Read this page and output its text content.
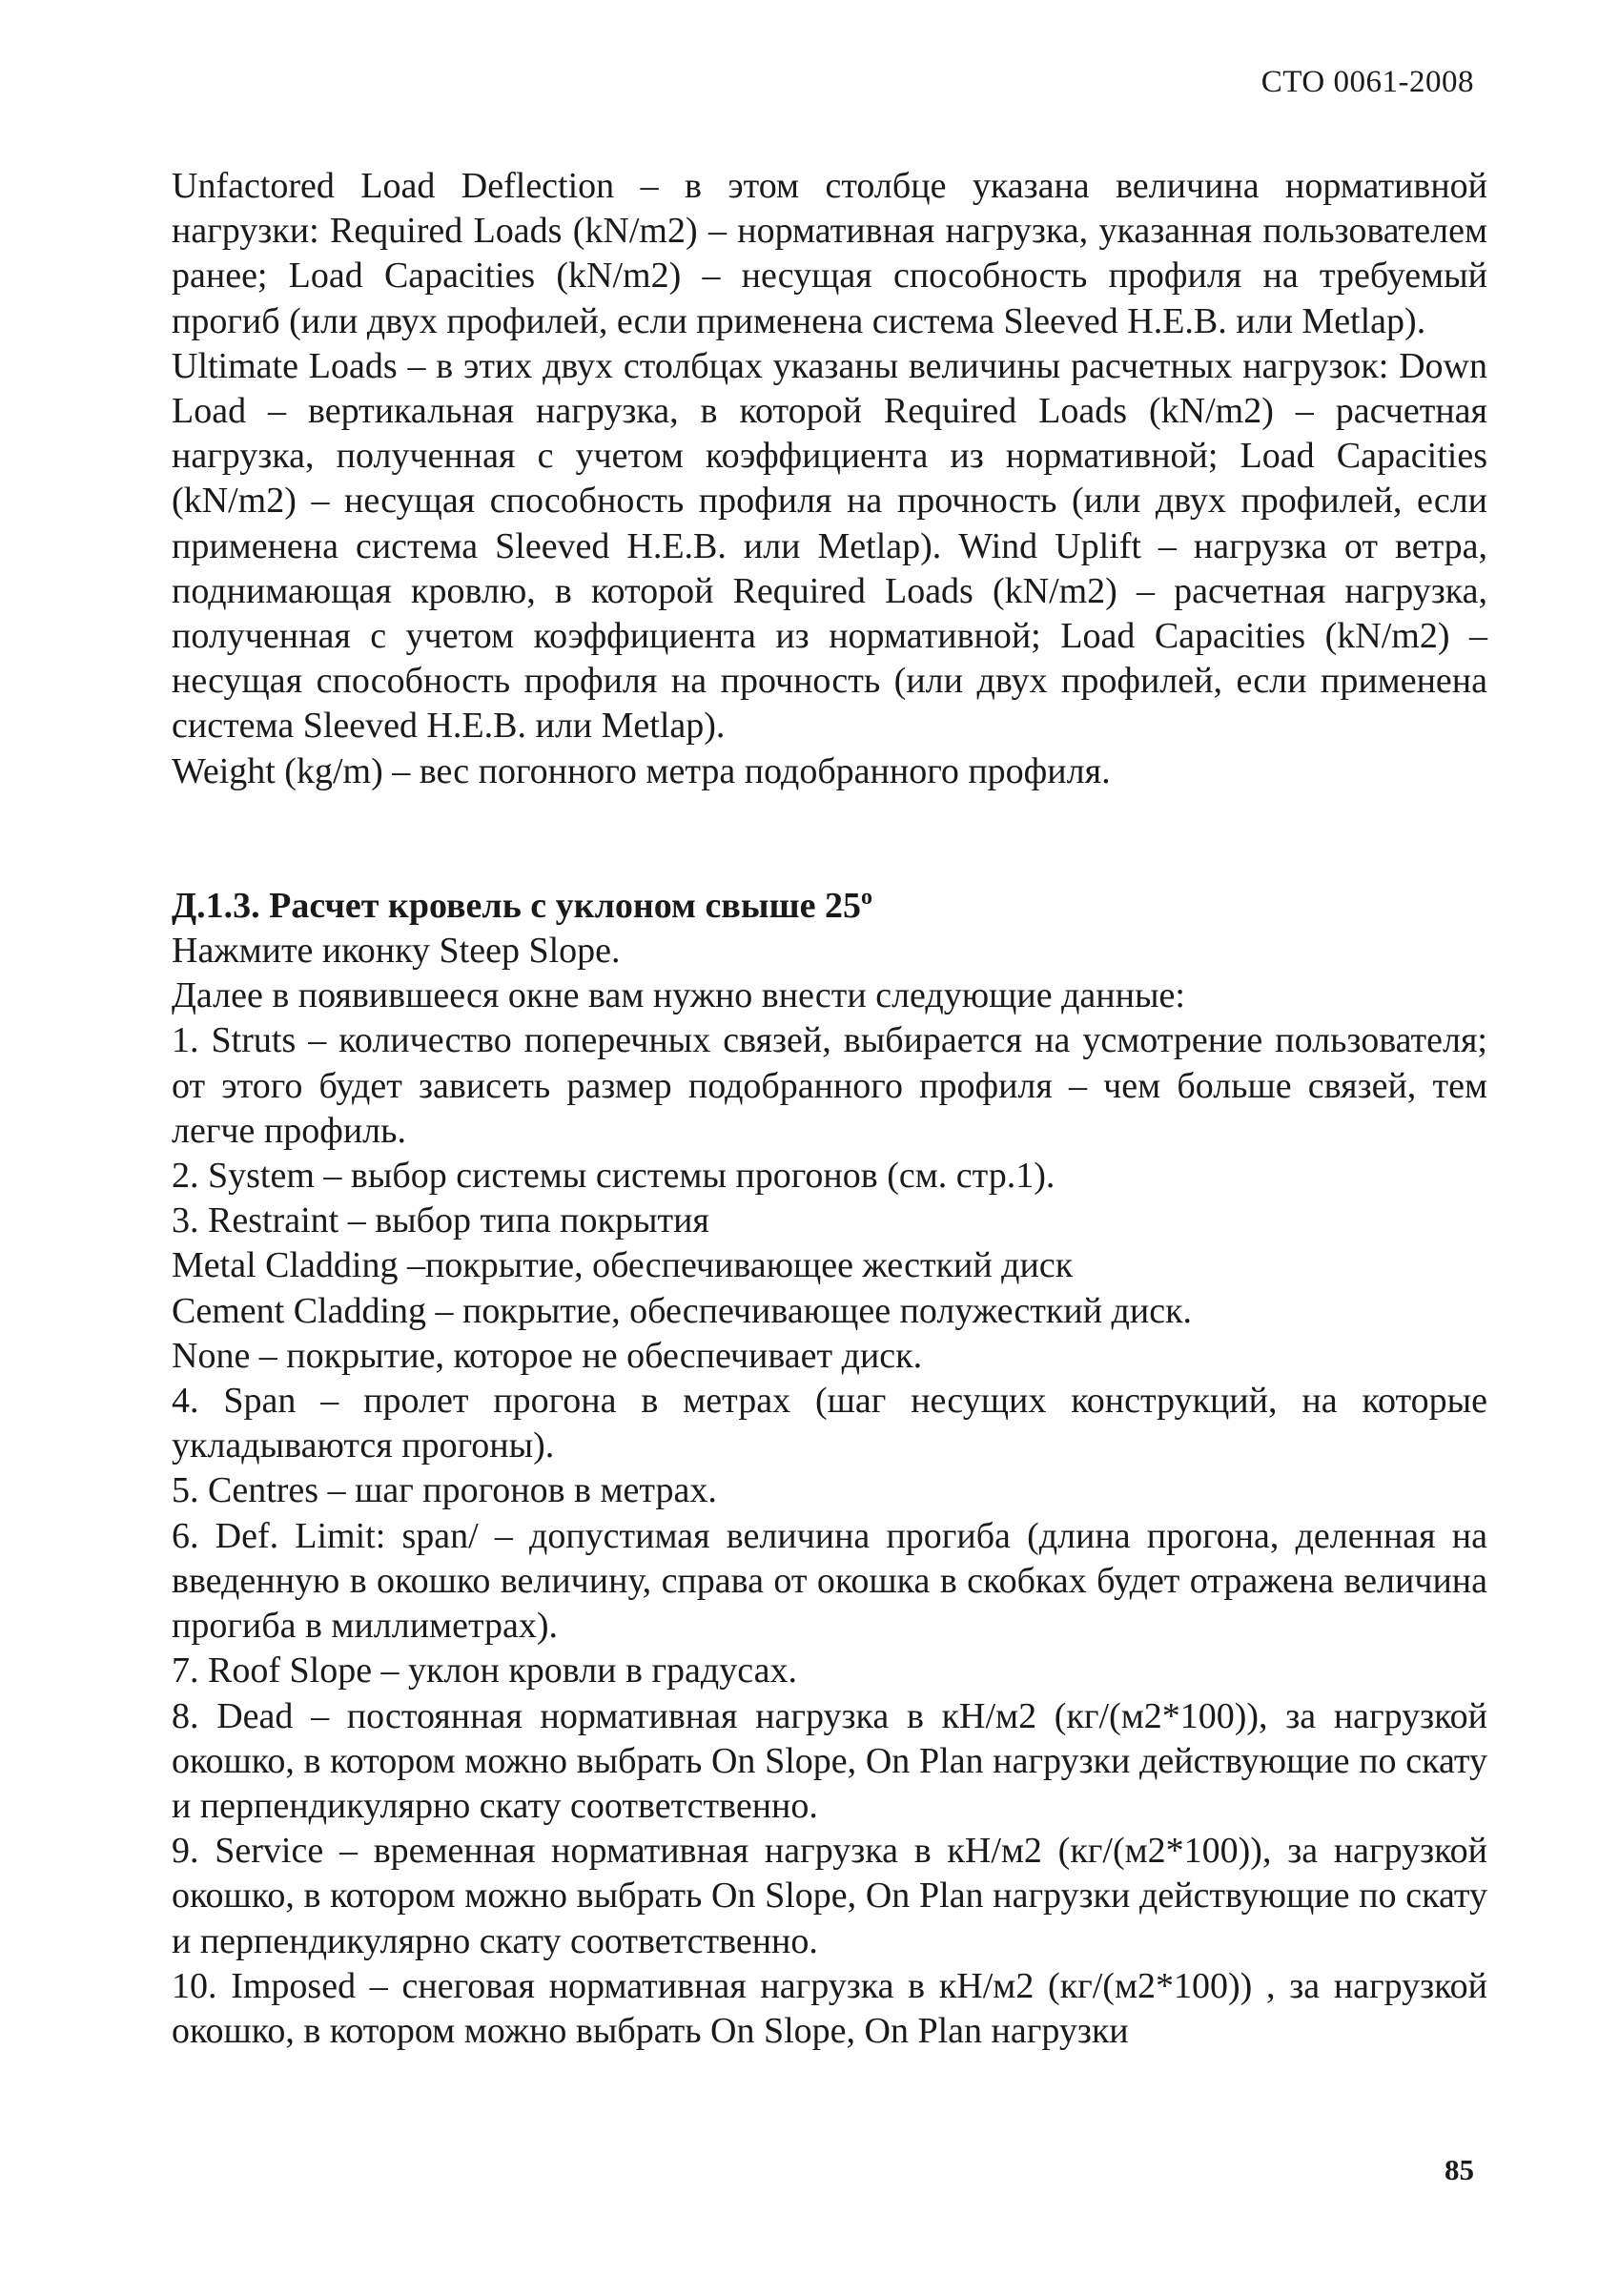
СТО 0061-2008

Unfactored Load Deflection – в этом столбце указана величина нормативной нагрузки: Required Loads (kN/m2) – нормативная нагрузка, указанная пользователем ранее; Load Capacities (kN/m2) – несущая способность профиля на требуемый прогиб (или двух профилей, если применена система Sleeved H.E.B. или Metlap).

Ultimate Loads – в этих двух столбцах указаны величины расчетных нагрузок: Down Load – вертикальная нагрузка, в которой Required Loads (kN/m2) – расчетная нагрузка, полученная с учетом коэффициента из нормативной; Load Capacities (kN/m2) – несущая способность профиля на прочность (или двух профилей, если применена система Sleeved H.E.B. или Metlap). Wind Uplift – нагрузка от ветра, поднимающая кровлю, в которой Required Loads (kN/m2) – расчетная нагрузка, полученная с учетом коэффициента из нормативной; Load Capacities (kN/m2) – несущая способность профиля на прочность (или двух профилей, если применена система Sleeved H.E.B. или Metlap).

Weight (kg/m) – вес погонного метра подобранного профиля.

Д.1.3. Расчет кровель с уклоном свыше $25^о$

Нажмите иконку Steep Slope.

Далее в появившееся окне вам нужно внести следующие данные:

1. Struts – количество поперечных связей, выбирается на усмотрение пользователя; от этого будет зависеть размер подобранного профиля – чем больше связей, тем легче профиль.

2. System – выбор системы системы прогонов (см. стр.1).

3. Restraint – выбор типа покрытия

Metal Cladding –покрытие, обеспечивающее жесткий диск

Cement Cladding – покрытие, обеспечивающее полужесткий диск.

None – покрытие, которое не обеспечивает диск.

4. Span – пролет прогона в метрах (шаг несущих конструкций, на которые укладываются прогоны).

5. Centres – шаг прогонов в метрах.

6. Def. Limit: span/ – допустимая величина прогиба (длина прогона, деленная на введенную в окошко величину, справа от окошка в скобках будет отражена величина прогиба в миллиметрах).

7. Roof Slope – уклон кровли в градусах.

8. Dead – постоянная нормативная нагрузка в кН/м2 (кг/(м2*100)), за нагрузкой окошко, в котором можно выбрать On Slope, On Plan нагрузки действующие по скату и перпендикулярно скату соответственно.

9. Service – временная нормативная нагрузка в кН/м2 (кг/(м2*100)), за нагрузкой окошко, в котором можно выбрать On Slope, On Plan нагрузки действующие по скату и перпендикулярно скату соответственно.

10. Imposed – снеговая нормативная нагрузка в кН/м2 (кг/(м2*100)) , за нагрузкой окошко, в котором можно выбрать On Slope, On Plan нагрузки

85
